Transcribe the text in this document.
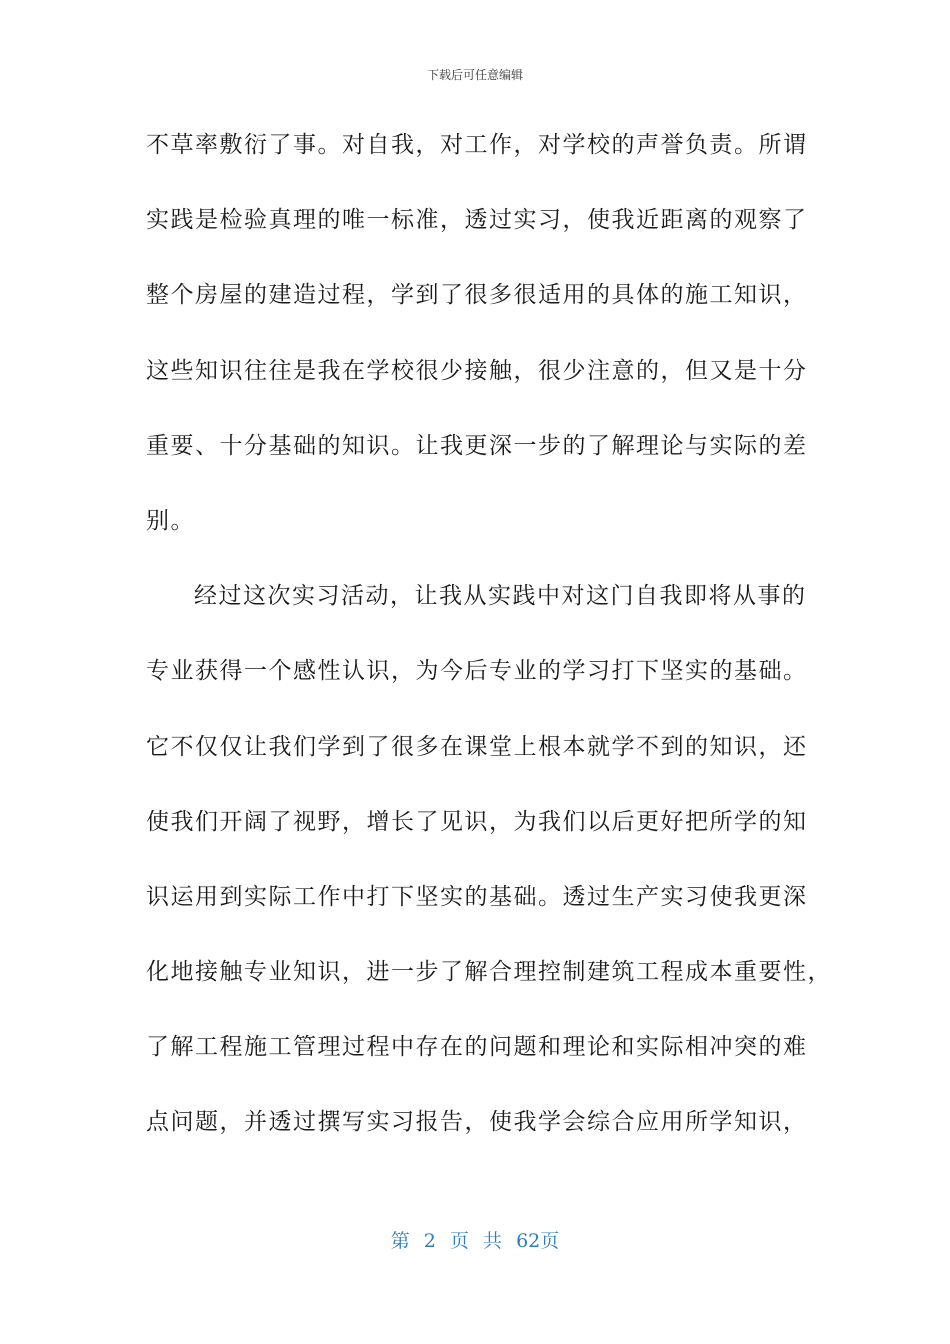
下载后可任意编辑
不草率敷衍了事。对自我，对工作，对学校的声誉负责。所谓
实践是检验真理的唯一标准，透过实习，使我近距离的观察了
整个房屋的建造过程，学到了很多很适用的具体的施工知识，
这些知识往往是我在学校很少接触，很少注意的，但又是十分
重要、十分基础的知识。让我更深一步的了解理论与实际的差
别。
经过这次实习活动，让我从实践中对这门自我即将从事的
专业获得一个感性认识，为今后专业的学习打下坚实的基础。
它不仅仅让我们学到了很多在课堂上根本就学不到的知识，还
使我们开阔了视野，增长了见识，为我们以后更好把所学的知
识运用到实际工作中打下坚实的基础。透过生产实习使我更深
化地接触专业知识，进一步了解合理控制建筑工程成本重要性，
了解工程施工管理过程中存在的问题和理论和实际相冲突的难
点问题，并透过撰写实习报告，使我学会综合应用所学知识，
第 2 页 共 62页
